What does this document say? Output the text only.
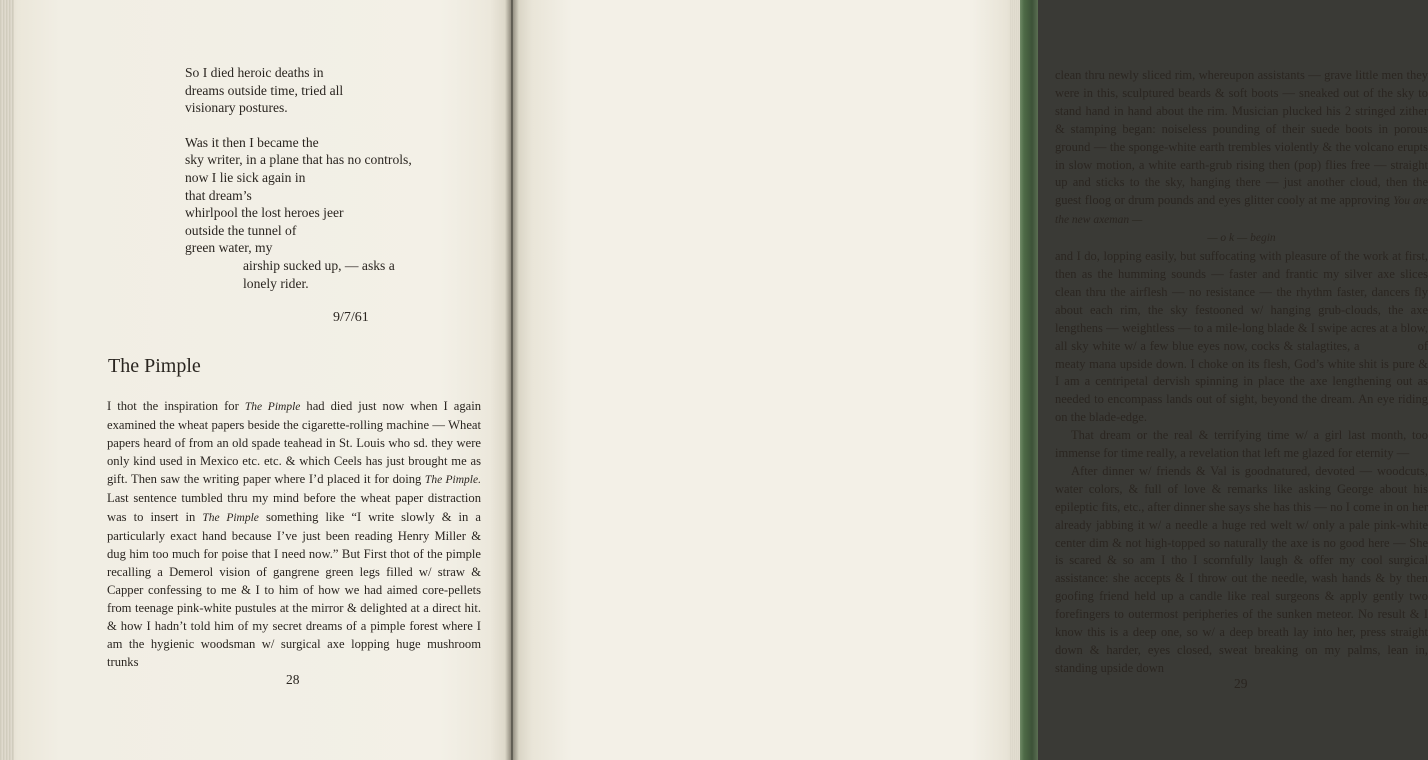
So I died heroic deaths in
dreams outside time, tried all
visionary postures.
Was it then I became the
sky writer, in a plane that has no controls,
now I lie sick again in
that dream’s
whirlpool the lost heroes jeer
outside the tunnel of
green water, my
airship sucked up, — asks a
lonely rider.
9/7/61
The Pimple

I thot the inspiration for The Pimple had died just now when I again examined the wheat papers beside the cigarette-rolling machine — Wheat papers heard of from an old spade teahead in St. Louis who sd. they were only kind used in Mexico etc. etc. & which Ceels has just brought me as gift. Then saw the writing paper where I’d placed it for doing The Pimple. Last sentence tumbled thru my mind before the wheat paper distraction was to insert in The Pimple something like “I write slowly & in a particularly exact hand because I’ve just been reading Henry Miller & dug him too much for poise that I need now.” But First thot of the pimple recalling a Demerol vision of gangrene green legs filled w/ straw & Capper confessing to me & I to him of how we had aimed core-pellets from teenage pink-white pustules at the mirror & delighted at a direct hit. & how I hadn’t told him of my secret dreams of a pimple forest where I am the hygienic woodsman w/ surgical axe lopping huge mushroom trunks

28

clean thru newly sliced rim, whereupon assistants — grave little men they were in this, sculptured beards & soft boots — sneaked out of the sky to stand hand in hand about the rim. Musician plucked his 2 stringed zither & stamping began: noiseless pounding of their suede boots in porous ground — the sponge-white earth trembles violently & the volcano erupts in slow motion, a white earth-grub rising then (pop) flies free — straight up and sticks to the sky, hanging there — just another cloud, then the guest floog or drum pounds and eyes glitter cooly at me approving You are the new axeman —

— o k — begin

and I do, lopping easily, but suffocating with pleasure of the work at first, then as the humming sounds — faster and frantic my silver axe slices clean thru the airflesh — no resistance — the rhythm faster, dancers fly about each rim, the sky festooned w/ hanging grub-clouds, the axe lengthens — weightless — to a mile-long blade & I swipe acres at a blow, all sky white w/ a few blue eyes now, cocks & stalagtites, a	of meaty mana upside down. I choke on its flesh, God’s white shit is pure & I am a centripetal dervish spinning in place the axe lengthening out as needed to encompass lands out of sight, beyond the dream. An eye riding on the blade-edge.

That dream or the real & terrifying time w/ a girl last month, too immense for time really, a revelation that left me glazed for eternity —

After dinner w/ friends & Val is goodnatured, devoted — woodcuts, water colors, & full of love & remarks like asking George about his epileptic fits, etc., after dinner she says she has this — no I come in on her already jabbing it w/ a needle a huge red welt w/ only a pale pink-white center dim & not high-topped so naturally the axe is no good here — She is scared & so am I tho I scornfully laugh & offer my cool surgical assistance: she accepts & I throw out the needle, wash hands & by then goofing friend held up a candle like real surgeons & apply gently two forefingers to outermost peripheries of the sunken meteor. No result & I know this is a deep one, so w/ a deep breath lay into her, press straight down & harder, eyes closed, sweat breaking on my palms, lean in, standing upside down

29
